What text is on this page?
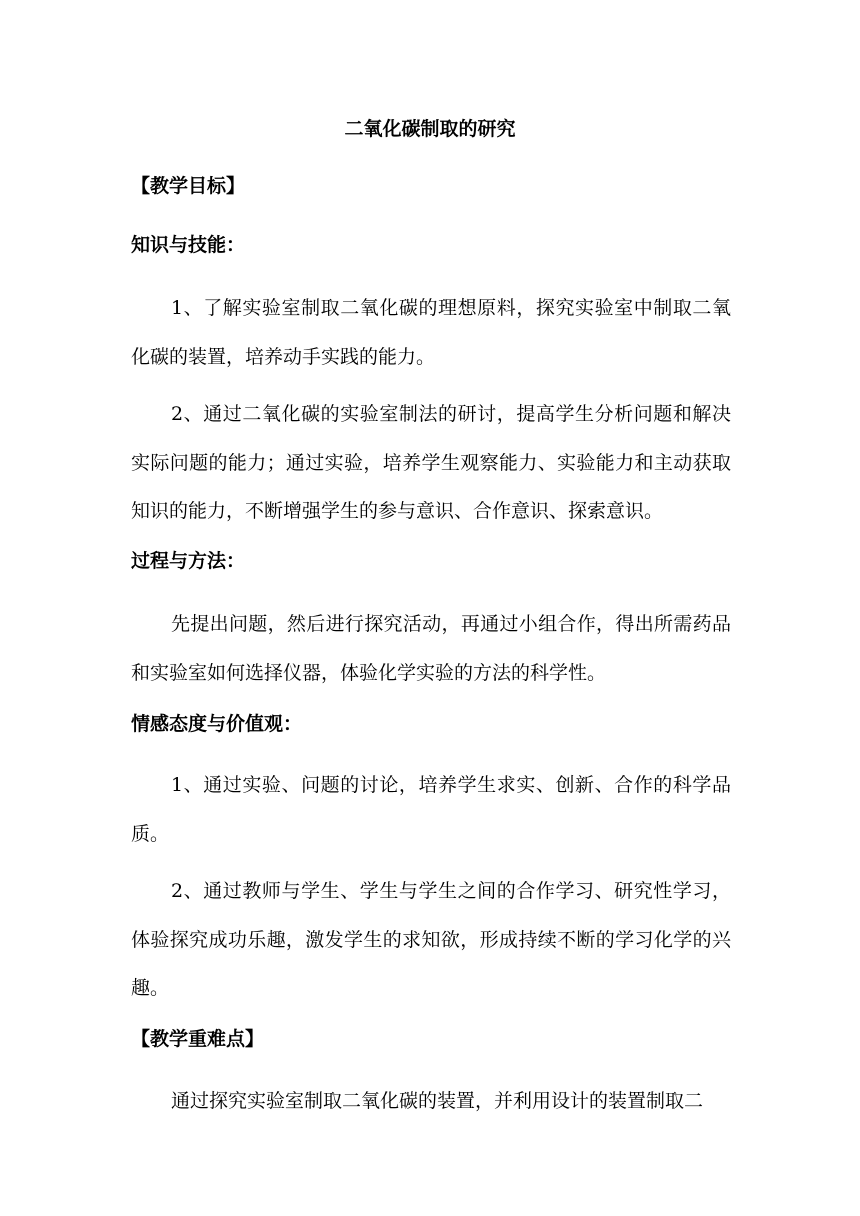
二氧化碳制取的研究
【教学目标】
知识与技能：
1、了解实验室制取二氧化碳的理想原料，探究实验室中制取二氧化碳的装置，培养动手实践的能力。
2、通过二氧化碳的实验室制法的研讨，提高学生分析问题和解决实际问题的能力；通过实验，培养学生观察能力、实验能力和主动获取知识的能力，不断增强学生的参与意识、合作意识、探索意识。
过程与方法：
先提出问题，然后进行探究活动，再通过小组合作，得出所需药品和实验室如何选择仪器，体验化学实验的方法的科学性。
情感态度与价值观：
1、通过实验、问题的讨论，培养学生求实、创新、合作的科学品质。
2、通过教师与学生、学生与学生之间的合作学习、研究性学习，体验探究成功乐趣，激发学生的求知欲，形成持续不断的学习化学的兴趣。
【教学重难点】
通过探究实验室制取二氧化碳的装置，并利用设计的装置制取二
